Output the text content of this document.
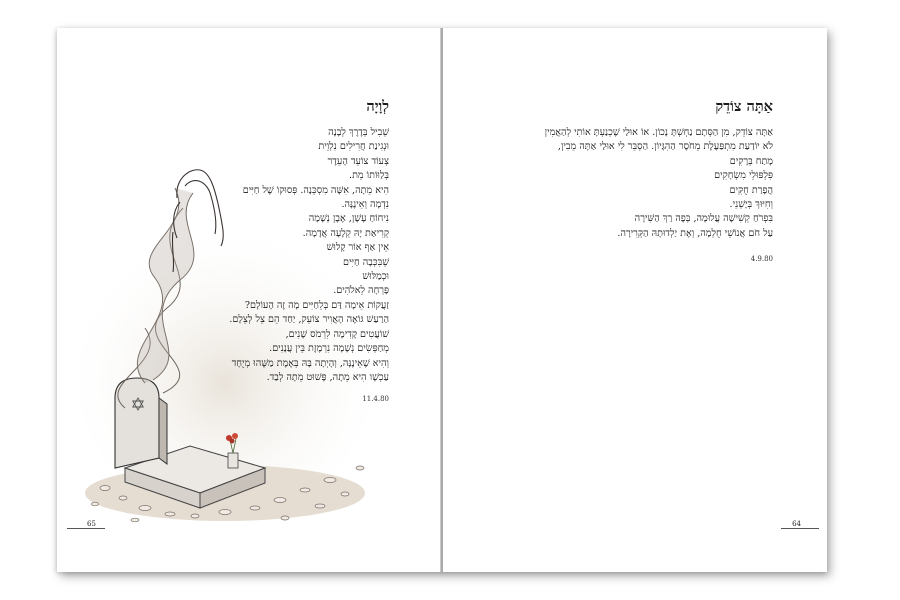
לְוָיָה
שְׁבִיל בְּדֶרֶךְ לְבָנָה
וּנְגִינַת חֲרִילִים נִלְוֵית
צְעוֹד צוֹעֵד הָעֵדֶר
בְּלַוּוֹתוֹ מֵת.
הִיא מֵתָה, אִשָּׁה מִסְכֵּנָה. פְּסוּקוֹ שֶׁל חַיִּים
נִדְמָה וְאֵינֶנָּה.
נִיחוֹחַ עָשָׁן, אֶבֶן נְשָׁמָה
קְרִיאַת יָהּ קְלָעָה אֲדָמָה.
אֵין אַף אוֹר קָלוּשׁ
שְׁבִּכְּבָה חַיִּים
וּכְמַלּוּשׁ
פָּרְחָה לֵאלֹהִים.
זַעֲקוֹת אֵימָה דַּם בְּלֵחַיִּים מָה זֶה הָעוֹלָם?
הַרַעַשׁ גּוֹאֶה הָאֲוִיר צוֹעֵק, יַחַד הֵם צֵל לְצֵלָם.
שׁוֹעֲטִים קָדִימָה לִרְמֹס שָׁנִים,
מְחַפְּשִׂים נְשָׁמָה נִרְמֶזֶת בֵּין עֲנָנִים.
וְהִיא שֶׁאֵינֶנָּה, וְהָיְתָה בָּהּ בְּאֶמֶת מַשֶּׁהוּ מְיֻחָד
עַכְשָׁו הִיא מֵתָה, פָּשׁוּט מֵתָה לְבַד.
11.4.80
65
אַתָּה צוֹדֵק
אַתָּה צוֹדֵק, מִן הַסְּתָם נַחְשְׁתָּ נָכוֹן. אוֹ אוּלַי שֶׁכְנַעְתָּ אוֹתִי לְהַאֲמִין
לֹא יוֹדַעַת מִתְפַּעֶלֶת מֵחֹסֶר הַהִגָּיוֹן. הַסְבֵּר לִי אוּלַי אַתָּה מֵבִין,
מָתַח בְּרָקִים
פִּלְפּוּלֵי מִשְׂחָקִים
הֲפָרַת חֻקִּים
וְחִיּוּךְ בְּיָשְׁנֵי.
בִּפְרֹחַ קְשִׁישָׁה עֲלוּמָה, בְּפֶה רַךְ הַשִּׁירָה
עַל חֹם אֲנוֹשֵׁי חֻלְמָה, וְאֶת יַלְדוּתָהּ הַקְּרִירָה.
4.9.80
64
